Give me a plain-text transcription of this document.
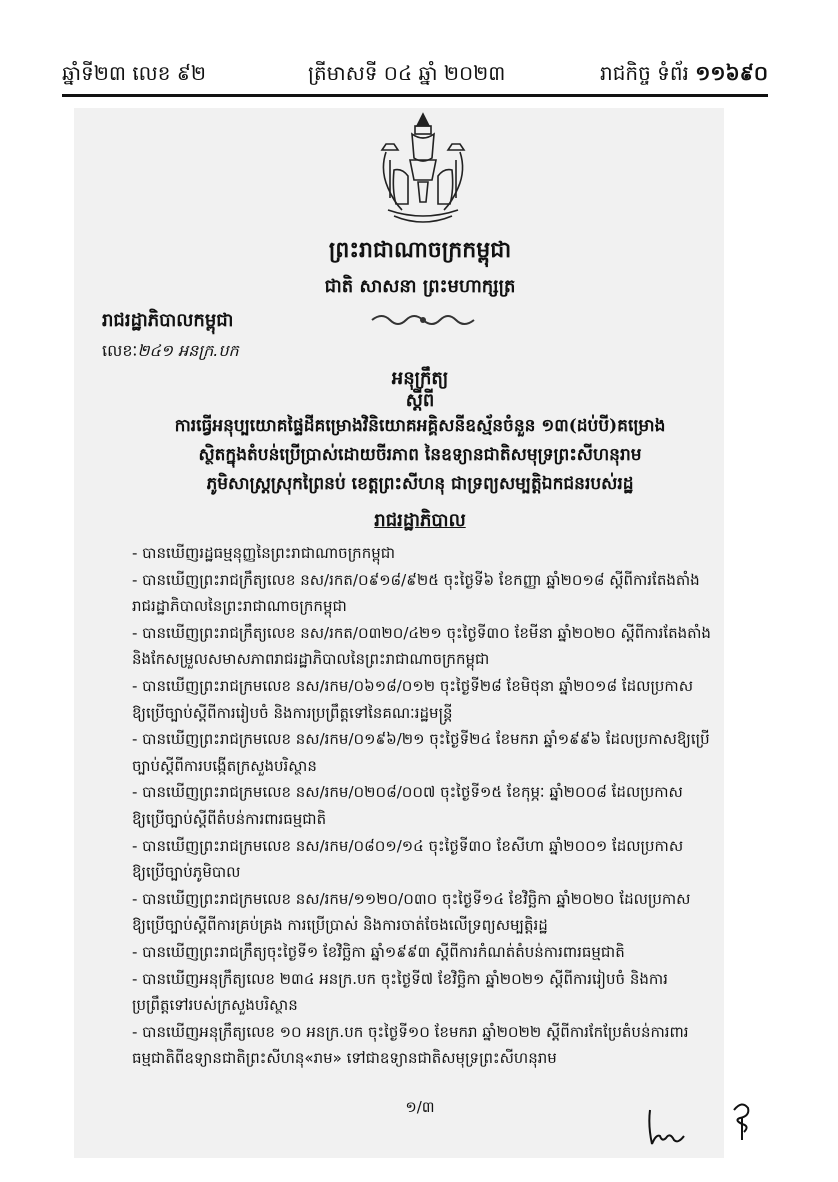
ឆ្នាំទី២៣ លេខ ៩២	ត្រីមាសទី ០៤ ឆ្នាំ ២០២៣	រាជកិច្ច ទំព័រ ១១៦៩០
ព្រះរាជាណាចក្រកម្ពុជា
ជាតិ សាសនា ព្រះមហាក្សត្រ
រាជរដ្ឋាភិបាលកម្ពុជា
លេខៈ២៤១ អនក្រ.បក
អនុក្រឹត្យ
ស្តីពី
ការធ្វើអនុប្បយោគផ្ទៃដីគម្រោងវិនិយោគអគ្គិសនីឧស្ម័នចំនួន ១៣(ដប់បី)គម្រោង
ស្ថិតក្នុងតំបន់ប្រើប្រាស់ដោយចីរភាព នៃឧទ្យានជាតិសមុទ្រព្រះសីហនុរាម
ភូមិសាស្ត្រស្រុកព្រៃនប់ ខេត្តព្រះសីហនុ ជាទ្រព្យសម្បត្តិឯកជនរបស់រដ្ឋ
រាជរដ្ឋាភិបាល
- បានឃើញរដ្ឋធម្មនុញ្ញនៃព្រះរាជាណាចក្រកម្ពុជា
- បានឃើញព្រះរាជក្រឹត្យលេខ នស/រកត/០៩១៨/៩២៥ ចុះថ្ងៃទី៦ ខែកញ្ញា ឆ្នាំ២០១៨ ស្តីពីការតែងតាំង
រាជរដ្ឋាភិបាលនៃព្រះរាជាណាចក្រកម្ពុជា
- បានឃើញព្រះរាជក្រឹត្យលេខ នស/រកត/០៣២០/៤២១ ចុះថ្ងៃទី៣០ ខែមីនា ឆ្នាំ២០២០ ស្តីពីការតែងតាំង
និងកែសម្រួលសមាសភាពរាជរដ្ឋាភិបាលនៃព្រះរាជាណាចក្រកម្ពុជា
- បានឃើញព្រះរាជក្រមលេខ នស/រកម/០៦១៨/០១២ ចុះថ្ងៃទី២៨ ខែមិថុនា ឆ្នាំ២០១៨ ដែលប្រកាស
ឱ្យប្រើច្បាប់ស្តីពីការរៀបចំ និងការប្រព្រឹត្តទៅនៃគណៈរដ្ឋមន្ត្រី
- បានឃើញព្រះរាជក្រមលេខ នស/រកម/០១៩៦/២១ ចុះថ្ងៃទី២៤ ខែមករា ឆ្នាំ១៩៩៦ ដែលប្រកាសឱ្យប្រើ
ច្បាប់ស្តីពីការបង្កើតក្រសួងបរិស្ថាន
- បានឃើញព្រះរាជក្រមលេខ នស/រកម/០២០៨/០០៧ ចុះថ្ងៃទី១៥ ខែកុម្ភៈ ឆ្នាំ២០០៨ ដែលប្រកាស
ឱ្យប្រើច្បាប់ស្តីពីតំបន់ការពារធម្មជាតិ
- បានឃើញព្រះរាជក្រមលេខ នស/រកម/០៨០១/១៤ ចុះថ្ងៃទី៣០ ខែសីហា ឆ្នាំ២០០១ ដែលប្រកាស
ឱ្យប្រើច្បាប់ភូមិបាល
- បានឃើញព្រះរាជក្រមលេខ នស/រកម/១១២០/០៣០ ចុះថ្ងៃទី១៤ ខែវិច្ឆិកា ឆ្នាំ២០២០ ដែលប្រកាស
ឱ្យប្រើច្បាប់ស្តីពីការគ្រប់គ្រង ការប្រើប្រាស់ និងការចាត់ចែងលើទ្រព្យសម្បត្តិរដ្ឋ
- បានឃើញព្រះរាជក្រឹត្យចុះថ្ងៃទី១ ខែវិច្ឆិកា ឆ្នាំ១៩៩៣ ស្តីពីការកំណត់តំបន់ការពារធម្មជាតិ
- បានឃើញអនុក្រឹត្យលេខ ២៣៤ អនក្រ.បក ចុះថ្ងៃទី៧ ខែវិច្ឆិកា ឆ្នាំ២០២១ ស្តីពីការរៀបចំ និងការ
ប្រព្រឹត្តទៅរបស់ក្រសួងបរិស្ថាន
- បានឃើញអនុក្រឹត្យលេខ ១០ អនក្រ.បក ចុះថ្ងៃទី១០ ខែមករា ឆ្នាំ២០២២ ស្តីពីការកែប្រែតំបន់ការពារ
ធម្មជាតិពីឧទ្យានជាតិព្រះសីហនុ«រាម» ទៅជាឧទ្យានជាតិសមុទ្រព្រះសីហនុរាម
១/៣
